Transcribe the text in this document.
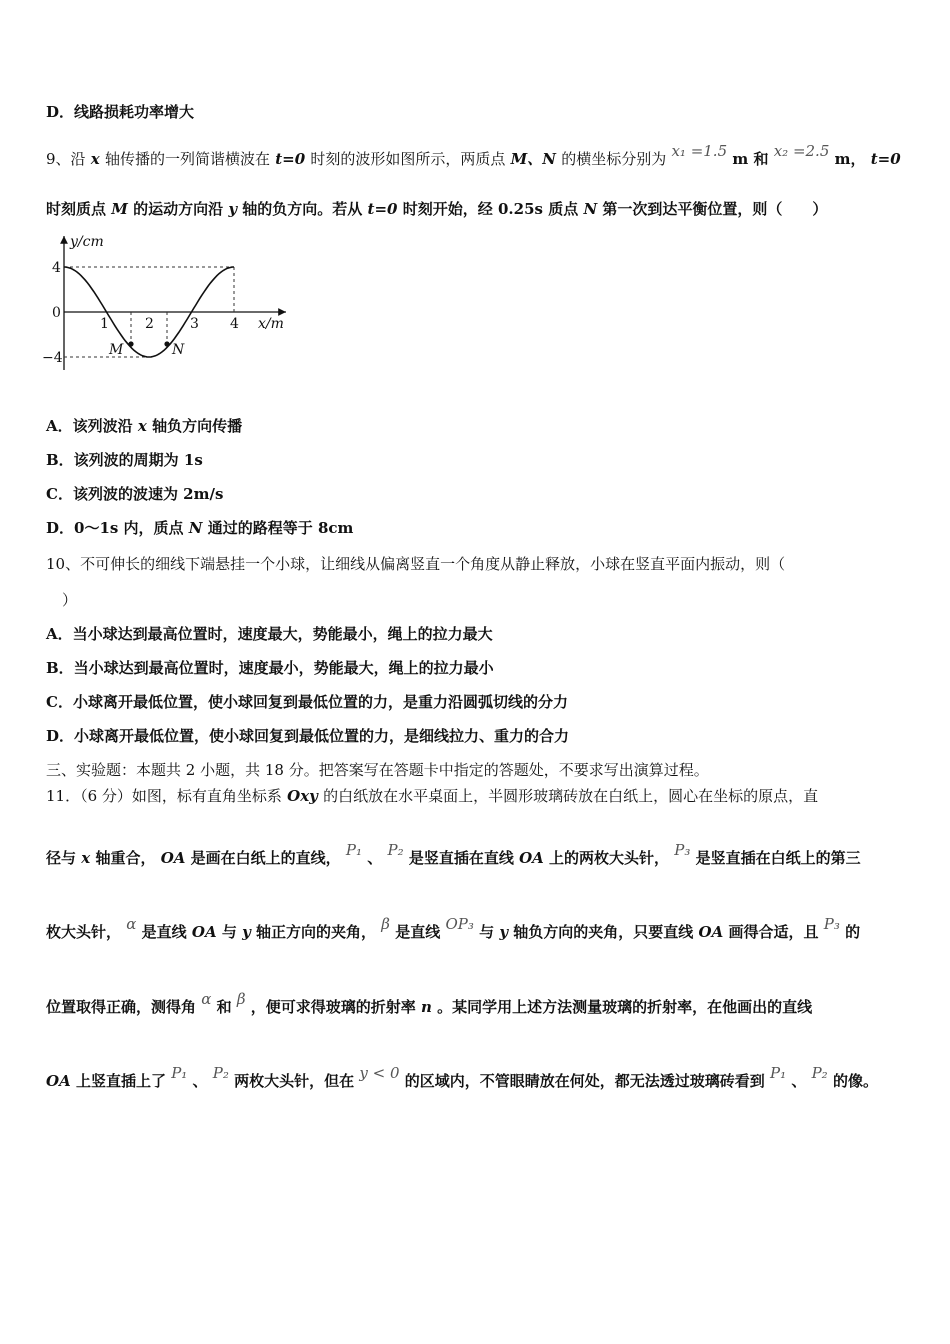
D．线路损耗功率增大
9、沿 x 轴传播的一列简谐横波在 t=0 时刻的波形如图所示，两质点 M、N 的横坐标分别为 x₁ =1.5 m 和 x₂ =2.5 m， t=0
时刻质点 M 的运动方向沿 y 轴的负方向。若从 t=0 时刻开始，经 0.25s 质点 N 第一次到达平衡位置，则（　　）
y/cm
x/m
4
0
−4
1	2	3 4
M	N
A．该列波沿 x 轴负方向传播
B．该列波的周期为 1s
C．该列波的波速为 2m/s
D．0～1s 内，质点 N 通过的路程等于 8cm
10、不可伸长的细线下端悬挂一个小球，让细线从偏离竖直一个角度从静止释放，小球在竖直平面内振动，则（
）
A．当小球达到最高位置时，速度最大，势能最小，绳上的拉力最大
B．当小球达到最高位置时，速度最小，势能最大，绳上的拉力最小
C．小球离开最低位置，使小球回复到最低位置的力，是重力沿圆弧切线的分力
D．小球离开最低位置，使小球回复到最低位置的力，是细线拉力、重力的合力
三、实验题：本题共 2 小题，共 18 分。把答案写在答题卡中指定的答题处，不要求写出演算过程。
11．（6 分）如图，标有直角坐标系 Oxy 的白纸放在水平桌面上，半圆形玻璃砖放在白纸上，圆心在坐标的原点，直
径与 x 轴重合， OA 是画在白纸上的直线， P₁ 、 P₂ 是竖直插在直线 OA 上的两枚大头针， P₃ 是竖直插在白纸上的第三
枚大头针， α 是直线 OA 与 y 轴正方向的夹角， β 是直线 OP₃ 与 y 轴负方向的夹角，只要直线 OA 画得合适，且 P₃ 的
位置取得正确，测得角 α 和 β ，便可求得玻璃的折射率 n 。某同学用上述方法测量玻璃的折射率，在他画出的直线
OA 上竖直插上了 P₁ 、 P₂ 两枚大头针，但在 y < 0 的区域内，不管眼睛放在何处，都无法透过玻璃砖看到 P₁ 、 P₂ 的像。
